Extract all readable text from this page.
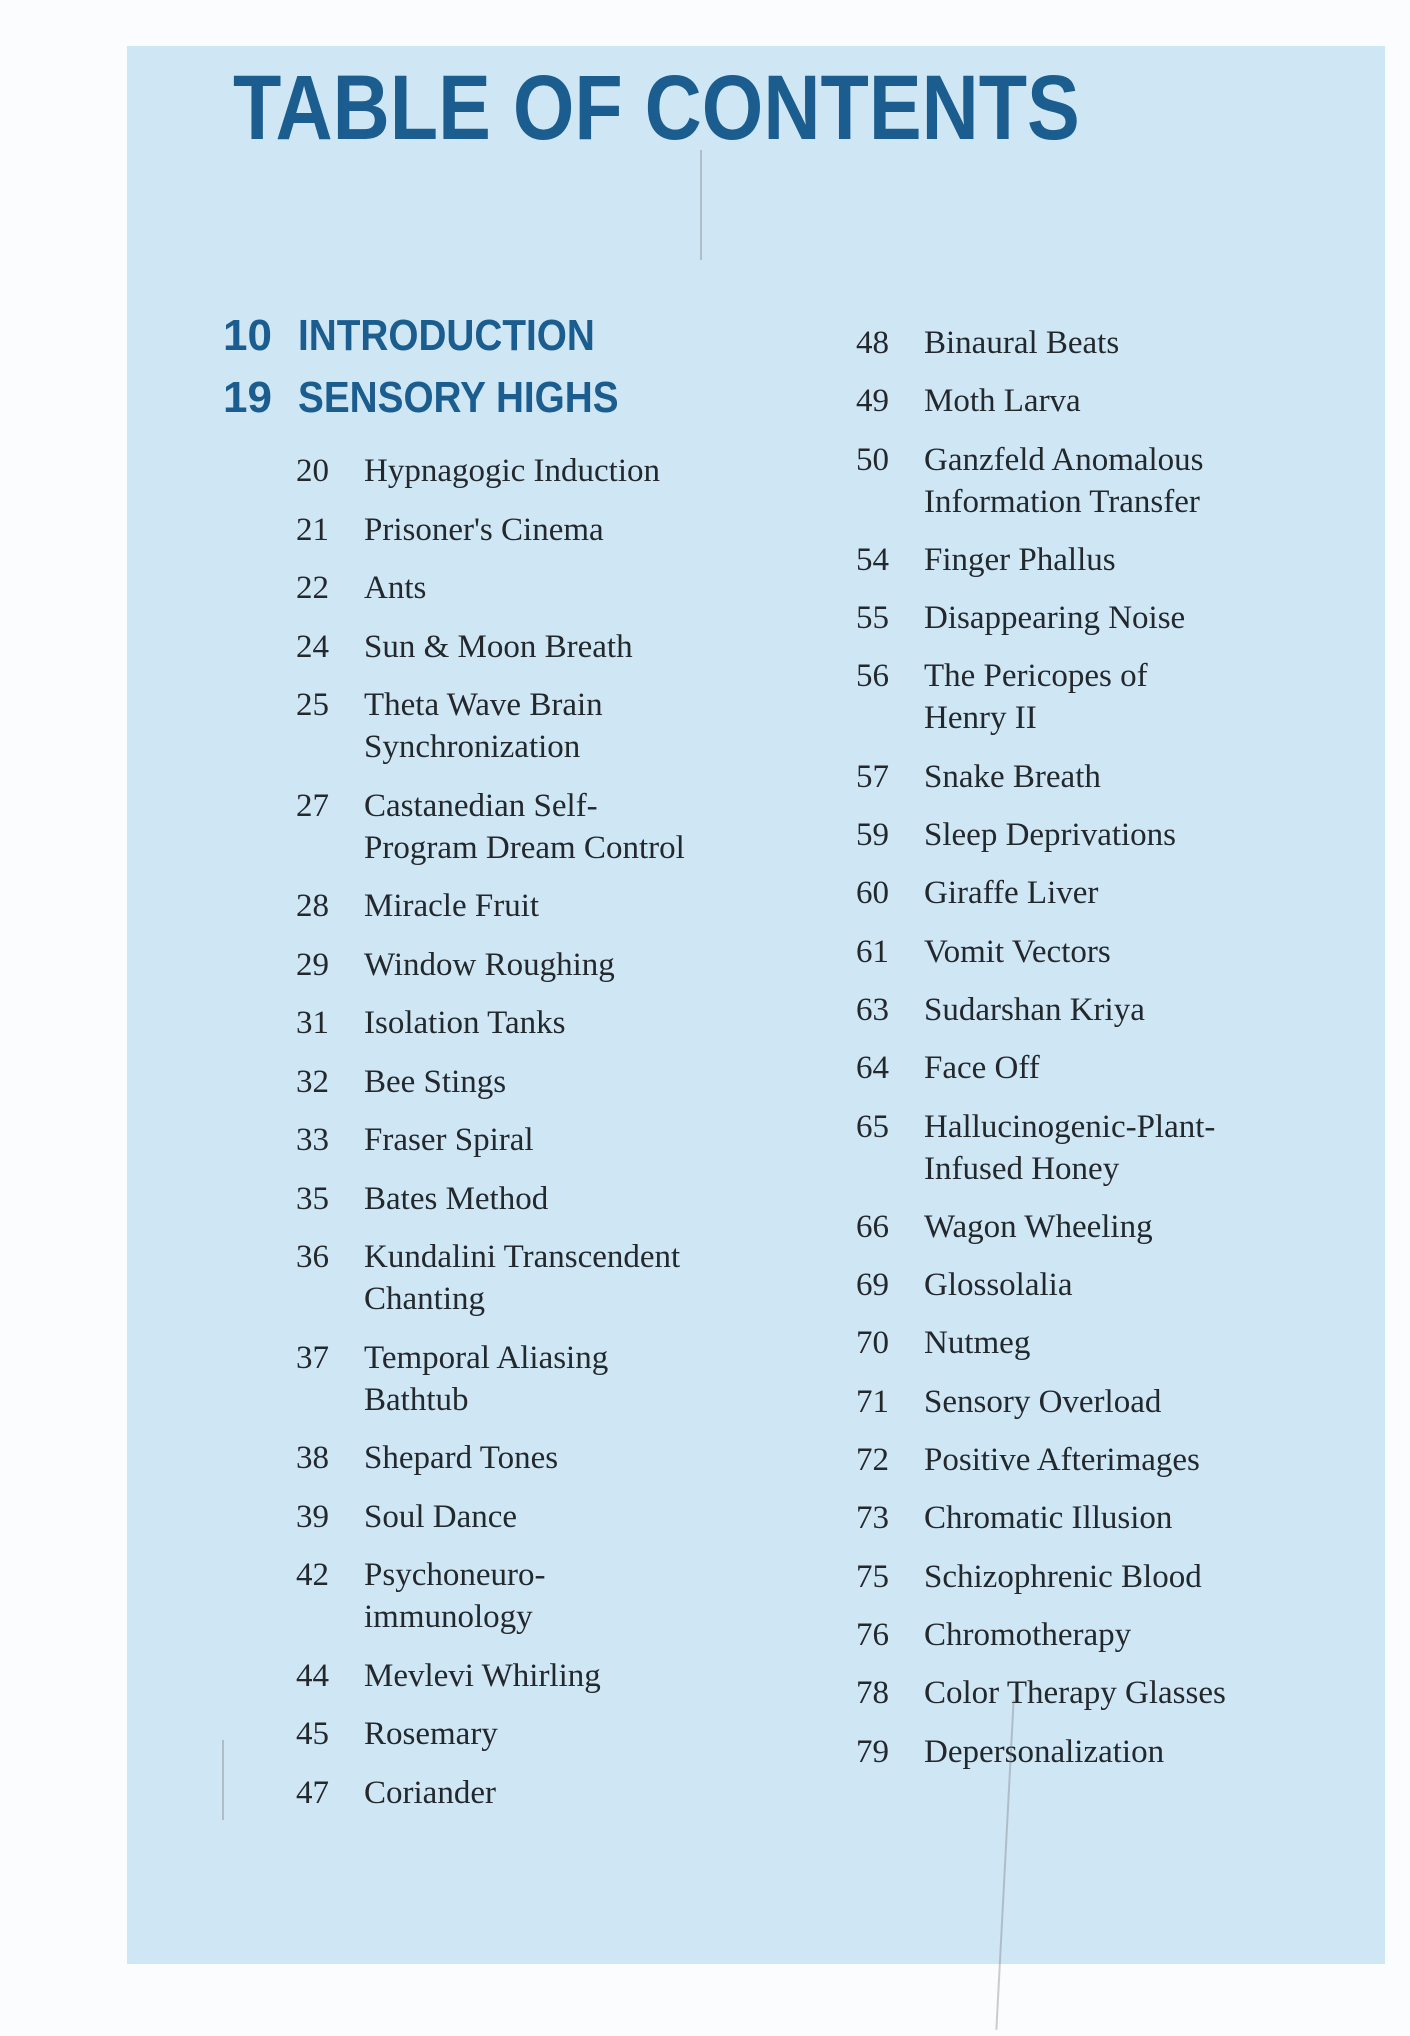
TABLE OF CONTENTS
10 INTRODUCTION
19 SENSORY HIGHS
20	Hypnagogic Induction
21	Prisoner's Cinema
22	Ants
24	Sun & Moon Breath
25	Theta Wave Brain
Synchronization
27	Castanedian Self-
Program Dream Control
28	Miracle Fruit
29	Window Roughing
31	Isolation Tanks
32	Bee Stings
33	Fraser Spiral
35	Bates Method
36	Kundalini Transcendent
Chanting
37	Temporal Aliasing
Bathtub
38	Shepard Tones
39	Soul Dance
42	Psychoneuro-
immunology
44	Mevlevi Whirling
45	Rosemary
47	Coriander
48	Binaural Beats
49	Moth Larva
50	Ganzfeld Anomalous
Information Transfer
54	Finger Phallus
55	Disappearing Noise
56	The Pericopes of
Henry II
57	Snake Breath
59	Sleep Deprivations
60	Giraffe Liver
61	Vomit Vectors
63	Sudarshan Kriya
64	Face Off
65	Hallucinogenic-Plant-
Infused Honey
66	Wagon Wheeling
69	Glossolalia
70	Nutmeg
71	Sensory Overload
72	Positive Afterimages
73	Chromatic Illusion
75	Schizophrenic Blood
76	Chromotherapy
78	Color Therapy Glasses
79	Depersonalization
